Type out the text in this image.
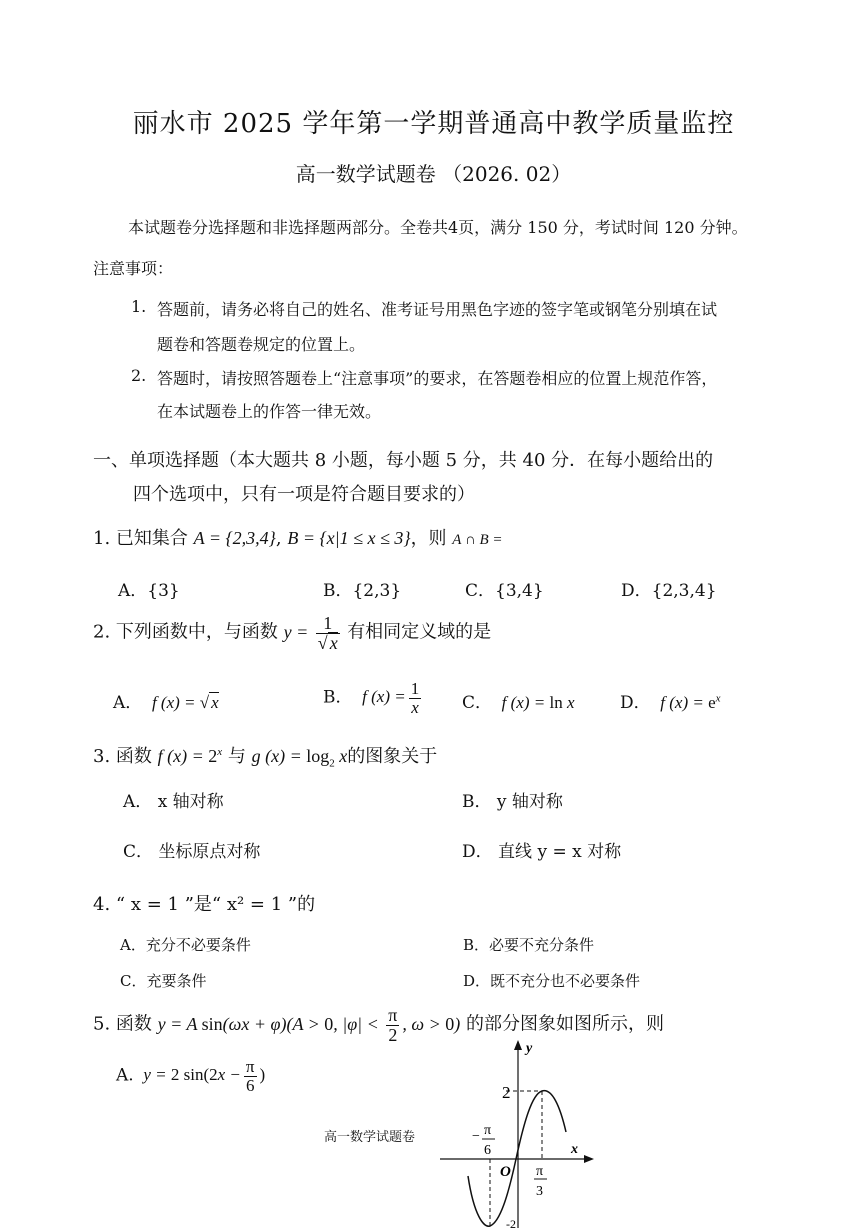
丽水市 2025 学年第一学期普通高中教学质量监控
高一数学试题卷 （2026. 02）
本试题卷分选择题和非选择题两部分。全卷共4页，满分 150 分，考试时间 120 分钟。
注意事项：
1. 答题前，请务必将自己的姓名、准考证号用黑色字迹的签字笔或钢笔分别填在试
题卷和答题卷规定的位置上。
2. 答题时，请按照答题卷上“注意事项”的要求，在答题卷相应的位置上规范作答，
在本试题卷上的作答一律无效。
一、单项选择题（本大题共 8 小题，每小题 5 分，共 40 分．在每小题给出的
四个选项中，只有一项是符合题目要求的）
1. 已知集合 A = {2,3,4}, B = {x|1 ≤ x ≤ 3}，则 A ∩ B =
A．{3}	B．{2,3}	C．{3,4}	D．{2,3,4}
2. 下列函数中，与函数 $y = \frac{1}{√ x}$ 有相同定义域的是
A．  f (x) = √ x	B．  f $(x) = \frac{1}{x}$ C．  f (x) = ln x	D．  f $(x) = e^x$
3. 函数 f $(x) = 2^x$ 与 g $(x) = \log_2 x$的图象关于
A． x 轴对称	B． y 轴对称
C． 坐标原点对称	D． 直线 y = x 对称
4. “ x = 1 ”是“ x² = 1 ”的
A．充分不必要条件	B．必要不充分条件
C．充要条件	D．既不充分也不必要条件
5. 函数 y = A sin(ωx + φ)(A > 0, $|\varphi| < \frac{\pi}{2}$ , ω > 0) 的部分图象如图所示，则
A.  y = 2 $\sin(2x - \frac{\pi}{6}$ )
高一数学试题卷
y
x
O
2
-2
− π
6
π
3
